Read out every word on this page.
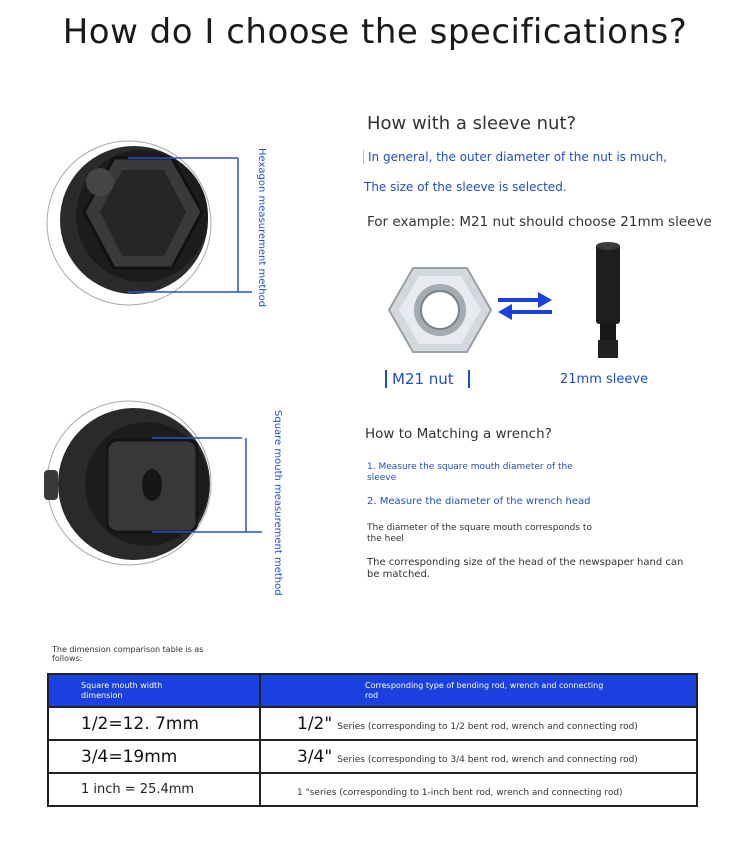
How do I choose the specifications?
Hexagon measurement method
Square mouth measurement method
How with a sleeve nut?
In general, the outer diameter of the nut is much,
The size of the sleeve is selected.
For example: M21 nut should choose 21mm sleeve
M21 nut	21mm sleeve
How to Matching a wrench?
1. Measure the square mouth diameter of the sleeve
2. Measure the diameter of the wrench head
The diameter of the square mouth corresponds to the heel
The corresponding size of the head of the newspaper hand can be matched.
The dimension comparison table is as follows:
Square mouth width dimension	Corresponding type of bending rod, wrench and connecting rod
1/2=12. 7mm	1/2" Series (corresponding to 1/2 bent rod, wrench and connecting rod)
3/4=19mm	3/4" Series (corresponding to 3/4 bent rod, wrench and connecting rod)
1 inch = 25.4mm	1 "series (corresponding to 1-inch bent rod, wrench and connecting rod)
